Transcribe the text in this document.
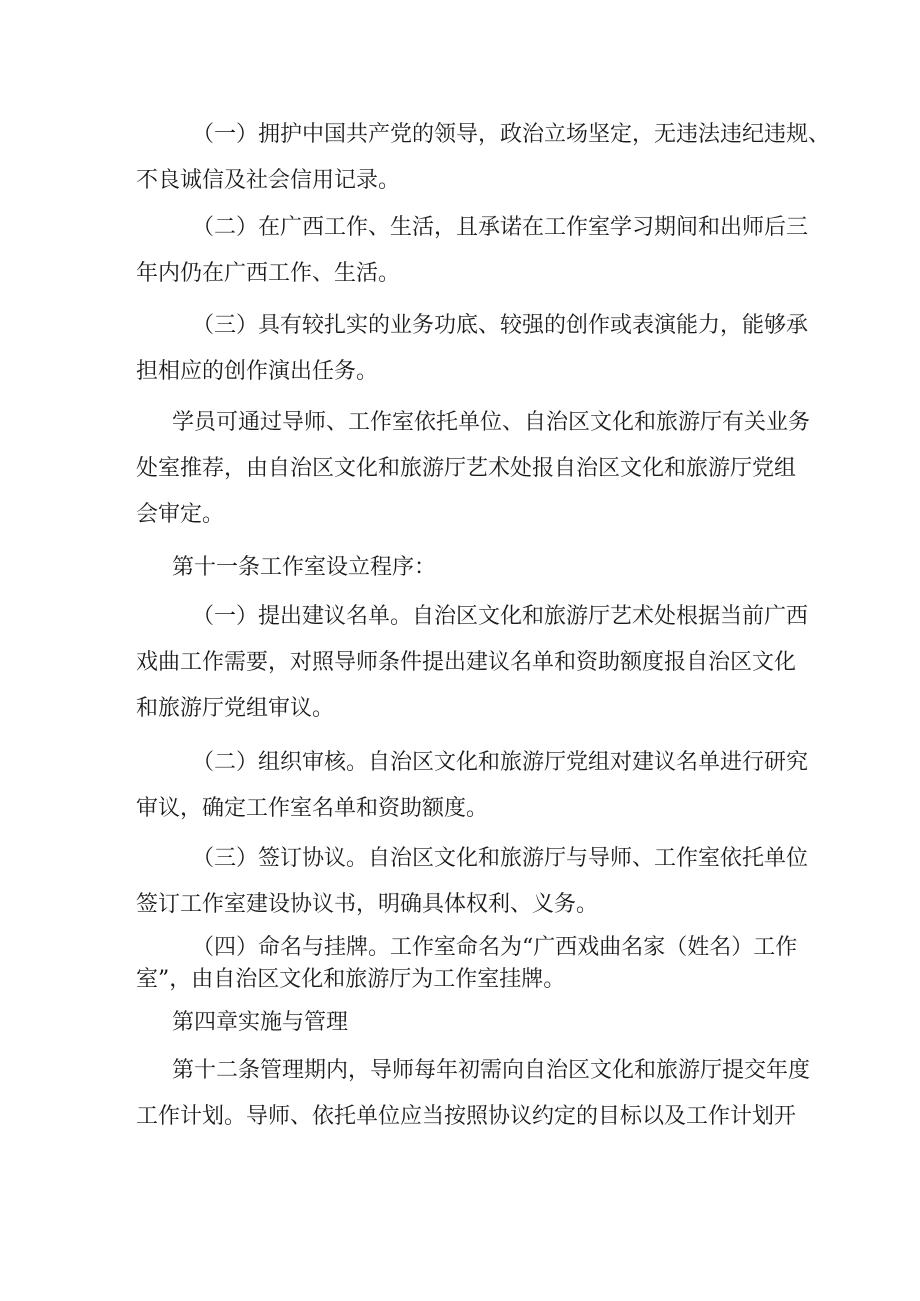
（一）拥护中国共产党的领导，政治立场坚定，无违法违纪违规、
不良诚信及社会信用记录。

（二）在广西工作、生活，且承诺在工作室学习期间和出师后三
年内仍在广西工作、生活。

（三）具有较扎实的业务功底、较强的创作或表演能力，能够承
担相应的创作演出任务。

学员可通过导师、工作室依托单位、自治区文化和旅游厅有关业务
处室推荐，由自治区文化和旅游厅艺术处报自治区文化和旅游厅党组
会审定。

第十一条工作室设立程序：

（一）提出建议名单。自治区文化和旅游厅艺术处根据当前广西
戏曲工作需要，对照导师条件提出建议名单和资助额度报自治区文化
和旅游厅党组审议。

（二）组织审核。自治区文化和旅游厅党组对建议名单进行研究
审议，确定工作室名单和资助额度。

（三）签订协议。自治区文化和旅游厅与导师、工作室依托单位
签订工作室建设协议书，明确具体权利、义务。

（四）命名与挂牌。工作室命名为“广西戏曲名家（姓名）工作
室”，由自治区文化和旅游厅为工作室挂牌。

第四章实施与管理

第十二条管理期内，导师每年初需向自治区文化和旅游厅提交年度
工作计划。导师、依托单位应当按照协议约定的目标以及工作计划开
